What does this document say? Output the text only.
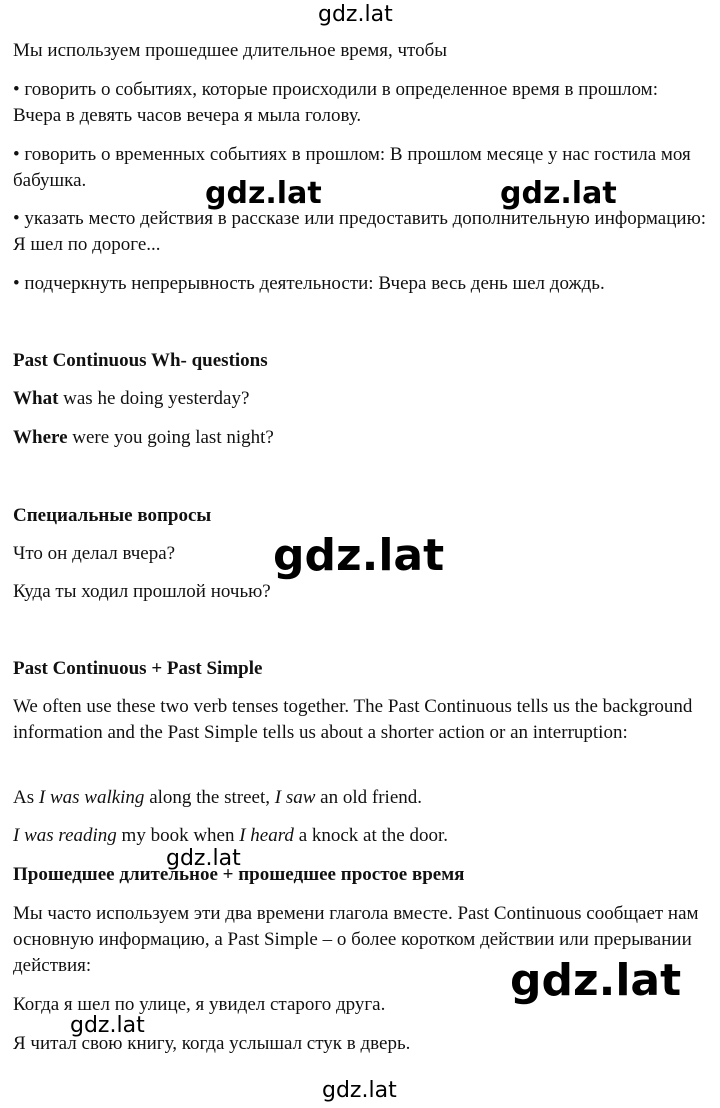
gdz.lat

Мы используем прошедшее длительное время, чтобы

• говорить о событиях, которые происходили в определенное время в прошлом: Вчера в девять часов вечера я мыла голову.

• говорить о временных событиях в прошлом: В прошлом месяце у нас гостила моя бабушка.

• указать место действия в рассказе или предоставить дополнительную информацию: Я шел по дороге...

• подчеркнуть непрерывность деятельности: Вчера весь день шел дождь.

gdz.lat	gdz.lat

Past Continuous Wh- questions

What was he doing yesterday?

Where were you going last night?

Специальные вопросы

Что он делал вчера?

Куда ты ходил прошлой ночью?

gdz.lat

Past Continuous + Past Simple

We often use these two verb tenses together. The Past Continuous tells us the background information and the Past Simple tells us about a shorter action or an interruption:

As I was walking along the street, I saw an old friend.

I was reading my book when I heard a knock at the door.

gdz.lat

Прошедшее длительное + прошедшее простое время

Мы часто используем эти два времени глагола вместе. Past Continuous сообщает нам основную информацию, а Past Simple – о более коротком действии или прерывании действия:

Когда я шел по улице, я увидел старого друга.

Я читал свою книгу, когда услышал стук в дверь.

gdz.lat
gdz.lat
gdz.lat
